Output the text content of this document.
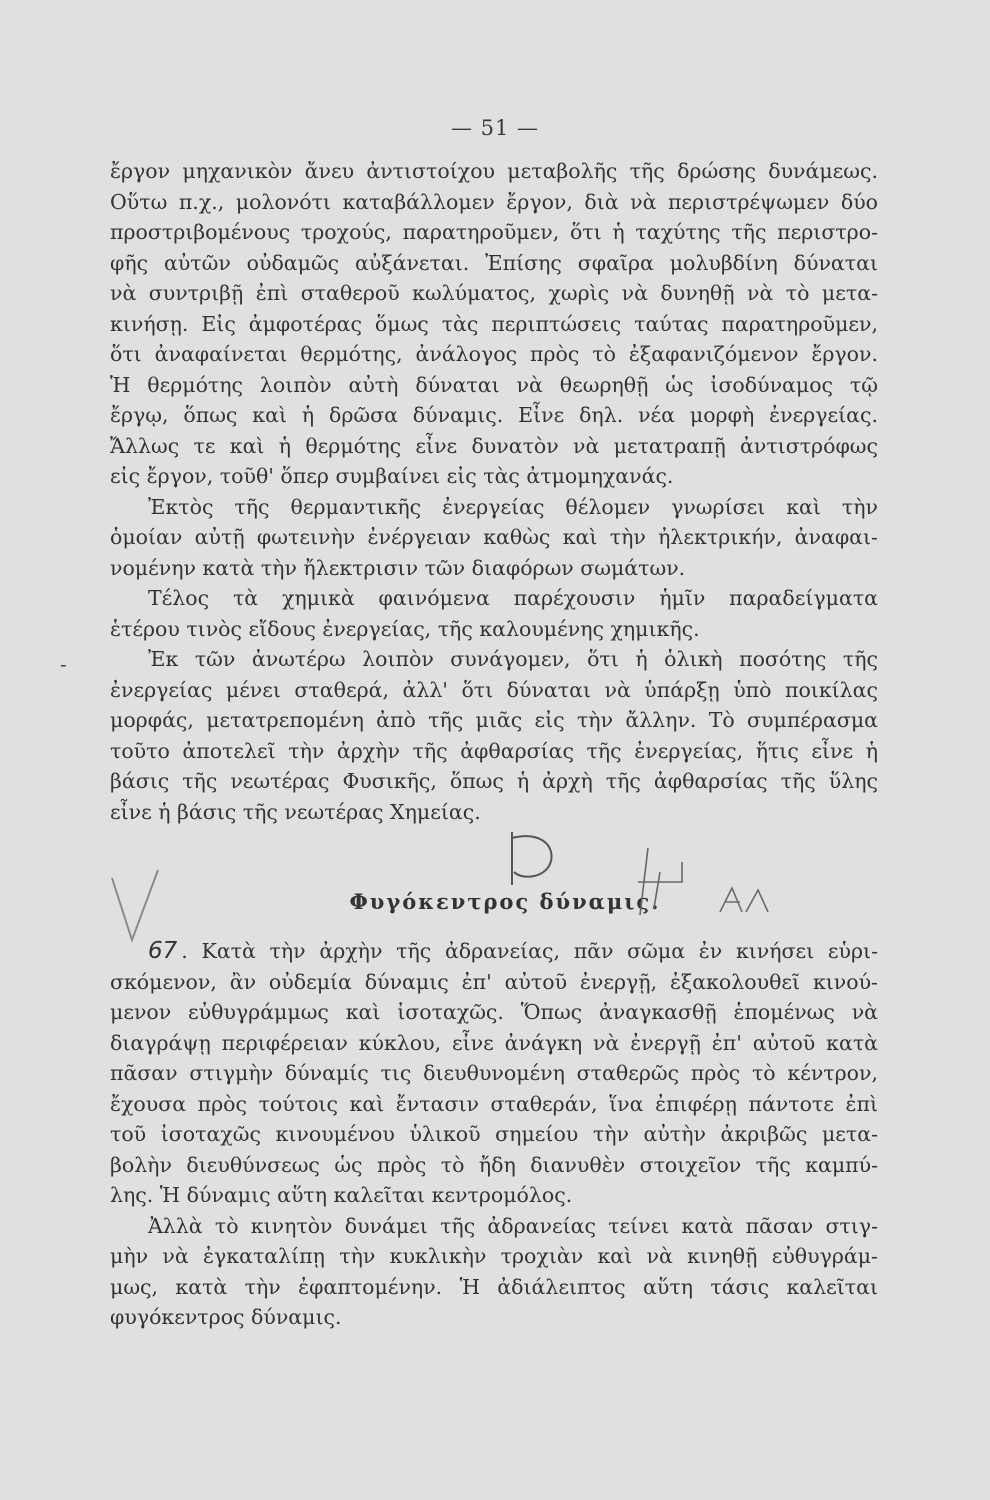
— 51 —
ἔργον μηχανικὸν ἄνευ ἀντιστοίχου μεταβολῆς τῆς δρώσης δυνάμεως.
Οὕτω π.χ., μολονότι καταβάλλομεν ἔργον, διὰ νὰ περιστρέψωμεν δύο
προστριβομένους τροχούς, παρατηροῦμεν, ὅτι ἡ ταχύτης τῆς περιστρο-
φῆς αὐτῶν οὐδαμῶς αὐξάνεται. Ἐπίσης σφαῖρα μολυβδίνη δύναται
νὰ συντριβῇ ἐπὶ σταθεροῦ κωλύματος, χωρὶς νὰ δυνηθῇ νὰ τὸ μετα-
κινήσῃ. Εἰς ἀμφοτέρας ὅμως τὰς περιπτώσεις ταύτας παρατηροῦμεν,
ὅτι ἀναφαίνεται θερμότης, ἀνάλογος πρὸς τὸ ἐξαφανιζόμενον ἔργον.
Ἡ θερμότης λοιπὸν αὐτὴ δύναται νὰ θεωρηθῇ ὡς ἰσοδύναμος τῷ
ἔργῳ, ὅπως καὶ ἡ δρῶσα δύναμις. Εἶνε δηλ. νέα μορφὴ ἐνεργείας.
Ἄλλως τε καὶ ἡ θερμότης εἶνε δυνατὸν νὰ μετατραπῇ ἀντιστρόφως
εἰς ἔργον, τοῦθ' ὅπερ συμβαίνει εἰς τὰς ἀτμομηχανάς.
Ἐκτὸς τῆς θερμαντικῆς ἐνεργείας θέλομεν γνωρίσει καὶ τὴν
ὁμοίαν αὐτῇ φωτεινὴν ἐνέργειαν καθὼς καὶ τὴν ἠλεκτρικήν, ἀναφαι-
νομένην κατὰ τὴν ἤλεκτρισιν τῶν διαφόρων σωμάτων.
Τέλος τὰ χημικὰ φαινόμενα παρέχουσιν ἡμῖν παραδείγματα
ἑτέρου τινὸς εἴδους ἐνεργείας, τῆς καλουμένης χημικῆς.
Ἐκ τῶν ἀνωτέρω λοιπὸν συνάγομεν, ὅτι ἡ ὁλικὴ ποσότης τῆς
ἐνεργείας μένει σταθερά, ἀλλ' ὅτι δύναται νὰ ὑπάρξῃ ὑπὸ ποικίλας
μορφάς, μετατρεπομένη ἀπὸ τῆς μιᾶς εἰς τὴν ἄλλην. Τὸ συμπέρασμα
τοῦτο ἀποτελεῖ τὴν ἀρχὴν τῆς ἀφθαρσίας τῆς ἐνεργείας, ἥτις εἶνε ἡ
βάσις τῆς νεωτέρας Φυσικῆς, ὅπως ἡ ἀρχὴ τῆς ἀφθαρσίας τῆς ὕλης
εἶνε ἡ βάσις τῆς νεωτέρας Χημείας.
-
Φυγόκεντρος δύναμις.
67 . Κατὰ τὴν ἀρχὴν τῆς ἀδρανείας, πᾶν σῶμα ἐν κινήσει εὑρι-
σκόμενον, ἂν οὐδεμία δύναμις ἐπ' αὐτοῦ ἐνεργῇ, ἐξακολουθεῖ κινού-
μενον εὐθυγράμμως καὶ ἰσοταχῶς. Ὅπως ἀναγκασθῇ ἑπομένως νὰ
διαγράψῃ περιφέρειαν κύκλου, εἶνε ἀνάγκη νὰ ἐνεργῇ ἐπ' αὐτοῦ κατὰ
πᾶσαν στιγμὴν δύναμίς τις διευθυνομένη σταθερῶς πρὸς τὸ κέντρον,
ἔχουσα πρὸς τούτοις καὶ ἔντασιν σταθεράν, ἵνα ἐπιφέρῃ πάντοτε ἐπὶ
τοῦ ἰσοταχῶς κινουμένου ὑλικοῦ σημείου τὴν αὐτὴν ἀκριβῶς μετα-
βολὴν διευθύνσεως ὡς πρὸς τὸ ἤδη διανυθὲν στοιχεῖον τῆς καμπύ-
λης. Ἡ δύναμις αὕτη καλεῖται κεντρομόλος.
Ἀλλὰ τὸ κινητὸν δυνάμει τῆς ἀδρανείας τείνει κατὰ πᾶσαν στιγ-
μὴν νὰ ἐγκαταλίπῃ τὴν κυκλικὴν τροχιὰν καὶ νὰ κινηθῇ εὐθυγράμ-
μως, κατὰ τὴν ἐφαπτομένην. Ἡ ἀδιάλειπτος αὕτη τάσις καλεῖται
φυγόκεντρος δύναμις.
